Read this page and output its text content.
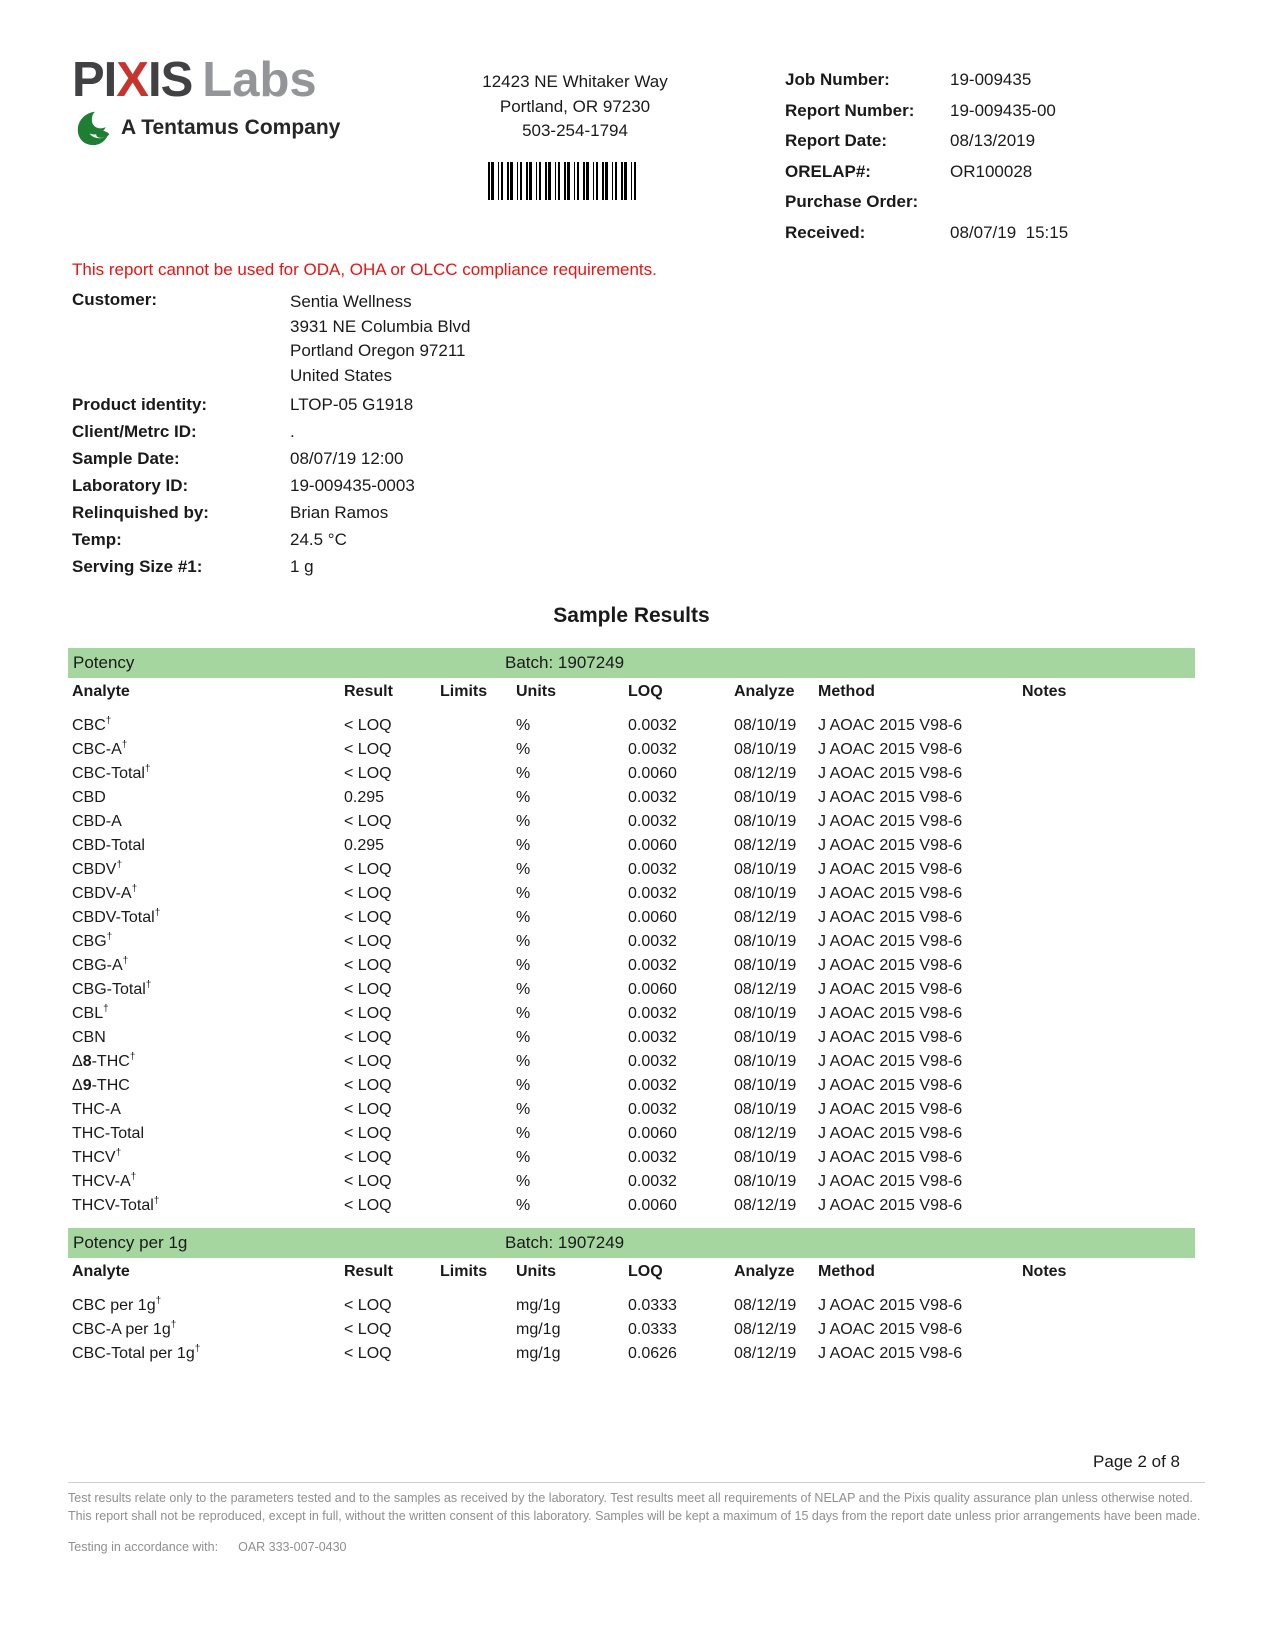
PIXIS Labs
A Tentamus Company
12423 NE Whitaker Way
Portland, OR 97230
503-254-1794
Job Number:	19-009435
Report Number:	19-009435-00
Report Date:	08/13/2019
ORELAP#:	OR100028
Purchase Order:
Received:	08/07/19  15:15
This report cannot be used for ODA, OHA or OLCC compliance requirements.
Customer:	Sentia Wellness
3931 NE Columbia Blvd
Portland Oregon 97211
United States
Product identity:	LTOP-05 G1918
Client/Metrc ID:	.
Sample Date:	08/07/19 12:00
Laboratory ID:	19-009435-0003
Relinquished by:	Brian Ramos
Temp:	24.5 °C
Serving Size #1:	1 g
Sample Results
Potency	Batch: 1907249
Analyte	Result	Limits	Units	LOQ	Analyze	Method	Notes
CBC†	< LOQ	%	0.0032	08/10/19	J AOAC 2015 V98-6
CBC-A†	< LOQ	%	0.0032	08/10/19	J AOAC 2015 V98-6
CBC-Total†	< LOQ	%	0.0060	08/12/19	J AOAC 2015 V98-6
CBD	0.295	%	0.0032	08/10/19	J AOAC 2015 V98-6
CBD-A	< LOQ	%	0.0032	08/10/19	J AOAC 2015 V98-6
CBD-Total	0.295	%	0.0060	08/12/19	J AOAC 2015 V98-6
CBDV†	< LOQ	%	0.0032	08/10/19	J AOAC 2015 V98-6
CBDV-A†	< LOQ	%	0.0032	08/10/19	J AOAC 2015 V98-6
CBDV-Total†	< LOQ	%	0.0060	08/12/19	J AOAC 2015 V98-6
CBG†	< LOQ	%	0.0032	08/10/19	J AOAC 2015 V98-6
CBG-A†	< LOQ	%	0.0032	08/10/19	J AOAC 2015 V98-6
CBG-Total†	< LOQ	%	0.0060	08/12/19	J AOAC 2015 V98-6
CBL†	< LOQ	%	0.0032	08/10/19	J AOAC 2015 V98-6
CBN	< LOQ	%	0.0032	08/10/19	J AOAC 2015 V98-6
Δ8-THC†	< LOQ	%	0.0032	08/10/19	J AOAC 2015 V98-6
Δ9-THC	< LOQ	%	0.0032	08/10/19	J AOAC 2015 V98-6
THC-A	< LOQ	%	0.0032	08/10/19	J AOAC 2015 V98-6
THC-Total	< LOQ	%	0.0060	08/12/19	J AOAC 2015 V98-6
THCV†	< LOQ	%	0.0032	08/10/19	J AOAC 2015 V98-6
THCV-A†	< LOQ	%	0.0032	08/10/19	J AOAC 2015 V98-6
THCV-Total†	< LOQ	%	0.0060	08/12/19	J AOAC 2015 V98-6
Potency per 1g	Batch: 1907249
Analyte	Result	Limits	Units	LOQ	Analyze	Method	Notes
CBC per 1g†	< LOQ	mg/1g	0.0333	08/12/19	J AOAC 2015 V98-6
CBC-A per 1g†	< LOQ	mg/1g	0.0333	08/12/19	J AOAC 2015 V98-6
CBC-Total per 1g†	< LOQ	mg/1g	0.0626	08/12/19	J AOAC 2015 V98-6
Page 2 of 8
Test results relate only to the parameters tested and to the samples as received by the laboratory. Test results meet all requirements of NELAP and the Pixis quality assurance plan unless otherwise noted. This report shall not be reproduced, except in full, without the written consent of this laboratory. Samples will be kept a maximum of 15 days from the report date unless prior arrangements have been made.
Testing in accordance with: OAR 333-007-0430
